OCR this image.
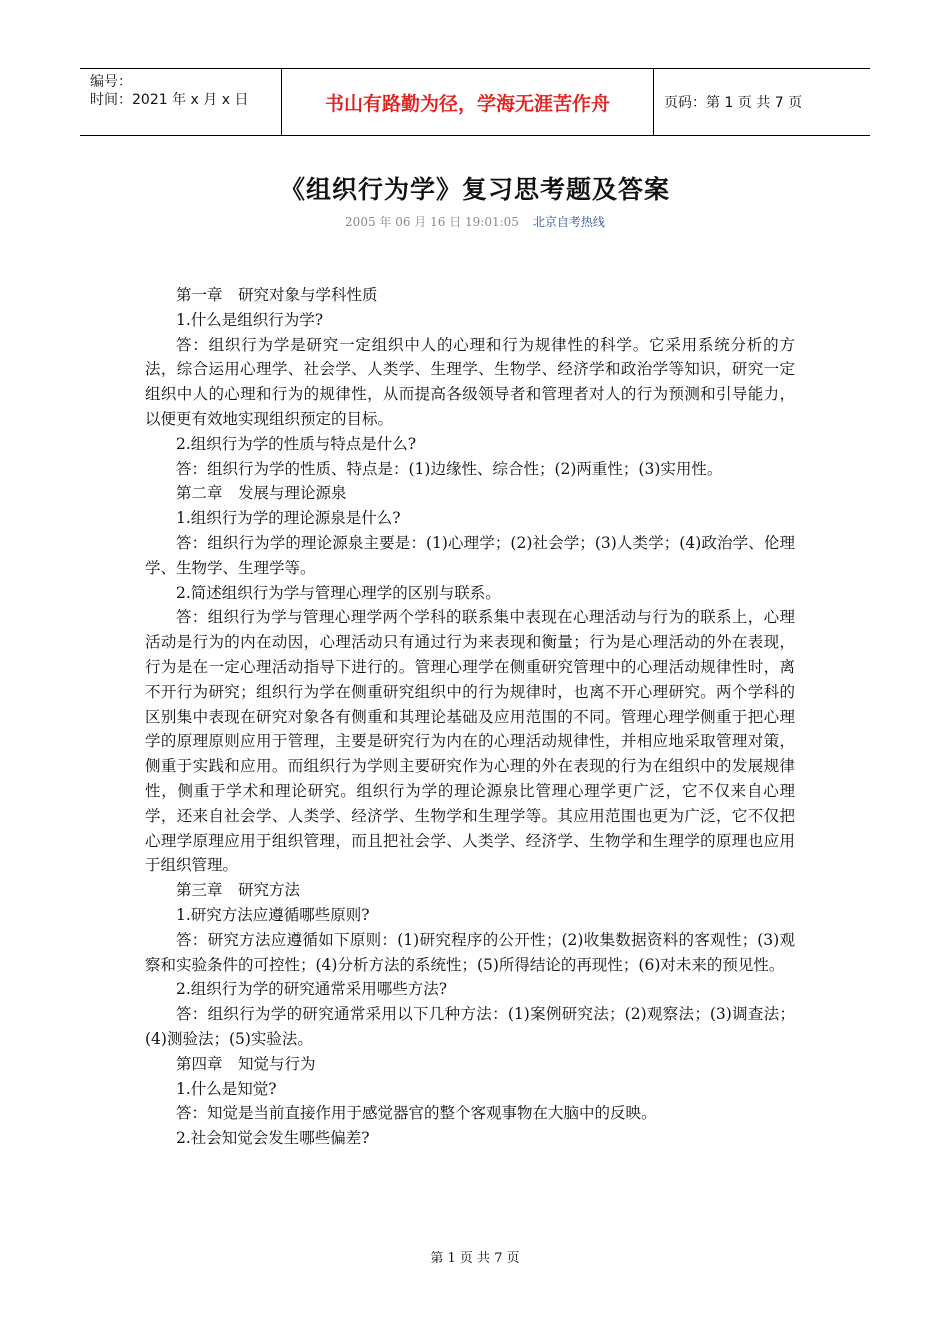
编号：
时间：2021 年 x 月 x 日	书山有路勤为径，学海无涯苦作舟	页码：第 1 页 共 7 页
《组织行为学》复习思考题及答案
2005 年 06 月 16 日 19:01:05 北京自考热线

第一章　研究对象与学科性质

1.什么是组织行为学?

答：组织行为学是研究一定组织中人的心理和行为规律性的科学。它采用系统分析的方法，综合运用心理学、社会学、人类学、生理学、生物学、经济学和政治学等知识，研究一定组织中人的心理和行为的规律性，从而提高各级领导者和管理者对人的行为预测和引导能力，以便更有效地实现组织预定的目标。

2.组织行为学的性质与特点是什么?

答：组织行为学的性质、特点是：(1)边缘性、综合性；(2)两重性；(3)实用性。

第二章　发展与理论源泉

1.组织行为学的理论源泉是什么?

答：组织行为学的理论源泉主要是：(1)心理学；(2)社会学；(3)人类学；(4)政治学、伦理学、生物学、生理学等。

2.简述组织行为学与管理心理学的区别与联系。

答：组织行为学与管理心理学两个学科的联系集中表现在心理活动与行为的联系上，心理活动是行为的内在动因，心理活动只有通过行为来表现和衡量；行为是心理活动的外在表现，行为是在一定心理活动指导下进行的。管理心理学在侧重研究管理中的心理活动规律性时，离不开行为研究；组织行为学在侧重研究组织中的行为规律时，也离不开心理研究。两个学科的区别集中表现在研究对象各有侧重和其理论基础及应用范围的不同。管理心理学侧重于把心理学的原理原则应用于管理，主要是研究行为内在的心理活动规律性，并相应地采取管理对策，侧重于实践和应用。而组织行为学则主要研究作为心理的外在表现的行为在组织中的发展规律性，侧重于学术和理论研究。组织行为学的理论源泉比管理心理学更广泛，它不仅来自心理学，还来自社会学、人类学、经济学、生物学和生理学等。其应用范围也更为广泛，它不仅把心理学原理应用于组织管理，而且把社会学、人类学、经济学、生物学和生理学的原理也应用于组织管理。

第三章　研究方法

1.研究方法应遵循哪些原则?

答：研究方法应遵循如下原则：(1)研究程序的公开性；(2)收集数据资料的客观性；(3)观察和实验条件的可控性；(4)分析方法的系统性；(5)所得结论的再现性；(6)对未来的预见性。

2.组织行为学的研究通常采用哪些方法?

答：组织行为学的研究通常采用以下几种方法：(1)案例研究法；(2)观察法；(3)调查法；(4)测验法；(5)实验法。

第四章　知觉与行为

1.什么是知觉?

答：知觉是当前直接作用于感觉器官的整个客观事物在大脑中的反映。

2.社会知觉会发生哪些偏差?

第 1 页 共 7 页
